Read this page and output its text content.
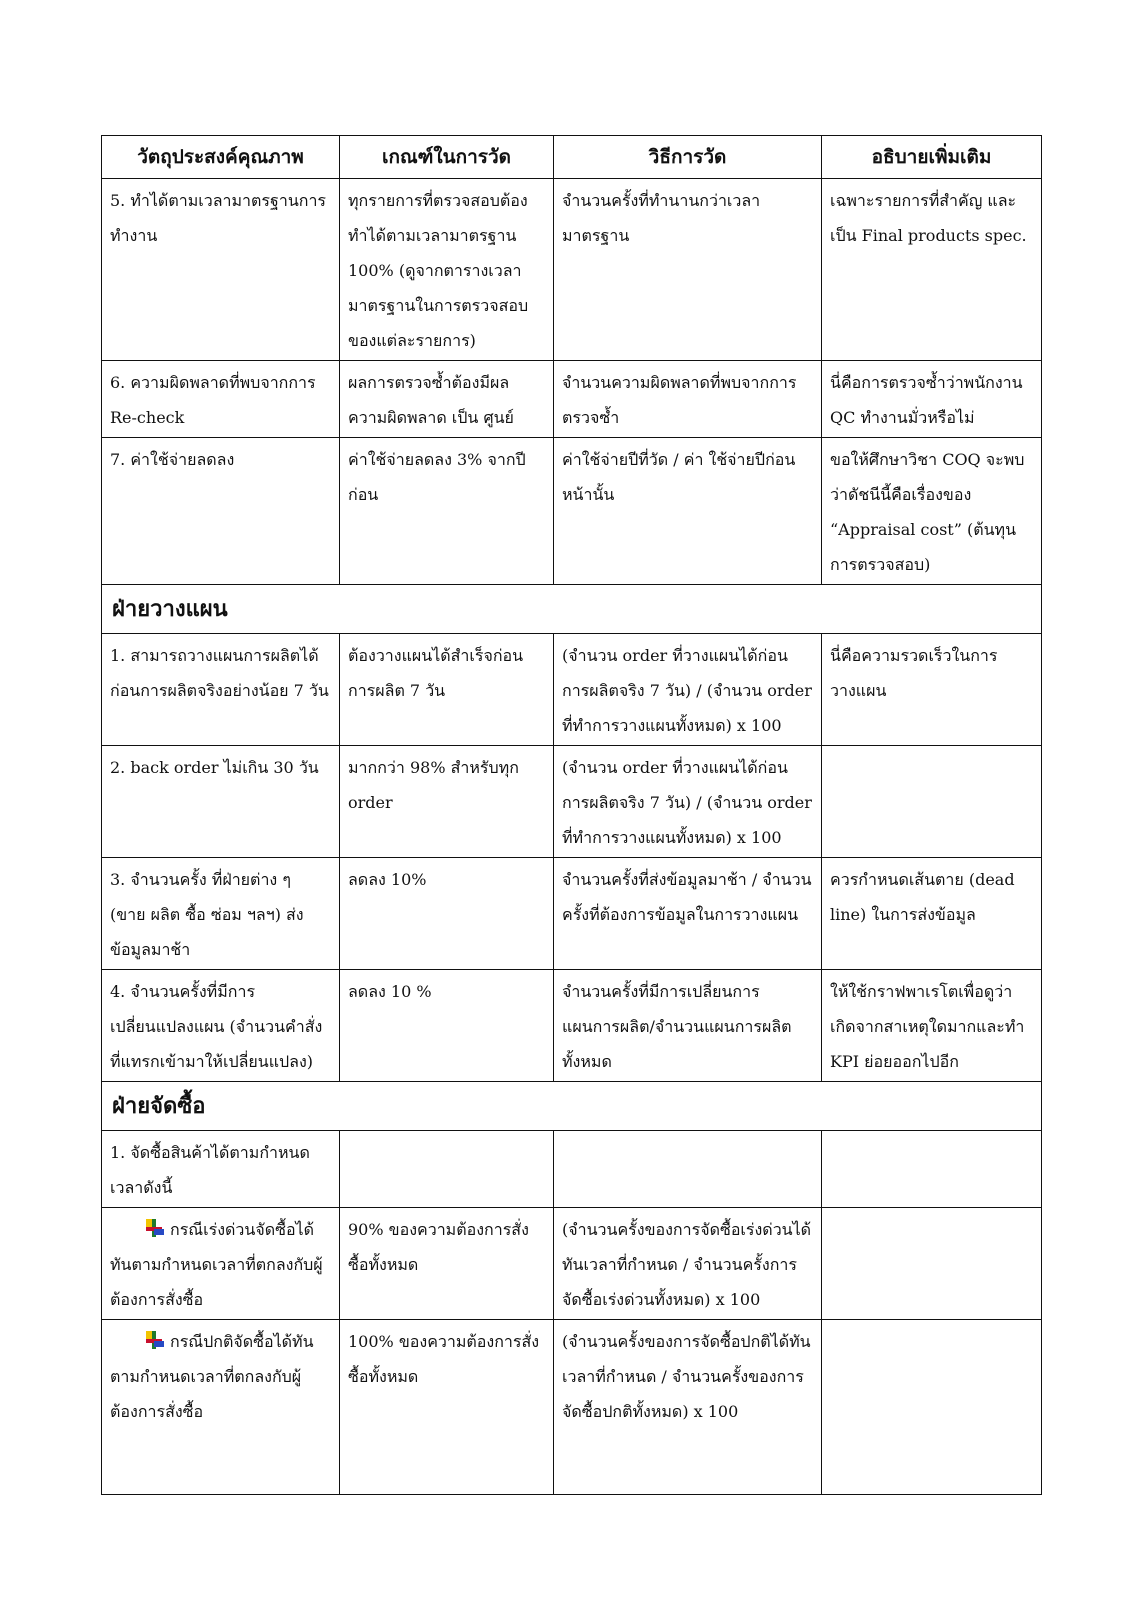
วัตถุประสงค์คุณภาพ	เกณฑ์ในการวัด	วิธีการวัด	อธิบายเพิ่มเติม
5. ทำได้ตามเวลามาตรฐานการทำงาน	ทุกรายการที่ตรวจสอบต้องทำได้ตามเวลามาตรฐาน 100% (ดูจากตารางเวลามาตรฐานในการตรวจสอบของแต่ละรายการ)	จำนวนครั้งที่ทำนานกว่าเวลามาตรฐาน	เฉพาะรายการที่สำคัญ และเป็น Final products spec.
6. ความผิดพลาดที่พบจากการ Re-check	ผลการตรวจซ้ำต้องมีผลความผิดพลาด เป็น ศูนย์	จำนวนความผิดพลาดที่พบจากการตรวจซ้ำ	นี่คือการตรวจซ้ำว่าพนักงาน QC ทำงานมั่วหรือไม่
7. ค่าใช้จ่ายลดลง	ค่าใช้จ่ายลดลง 3% จากปีก่อน	ค่าใช้จ่ายปีที่วัด / ค่า ใช้จ่ายปีก่อนหน้านั้น	ขอให้ศึกษาวิชา COQ จะพบว่าดัชนีนี้คือเรื่องของ “Appraisal cost” (ต้นทุนการตรวจสอบ)
ฝ่ายวางแผน			
1. สามารถวางแผนการผลิตได้ก่อนการผลิตจริงอย่างน้อย 7 วัน	ต้องวางแผนได้สำเร็จก่อนการผลิต 7 วัน	(จำนวน order ที่วางแผนได้ก่อนการผลิตจริง 7 วัน) / (จำนวน order ที่ทำการวางแผนทั้งหมด) x 100	นี่คือความรวดเร็วในการวางแผน
2. back order ไม่เกิน 30 วัน	มากกว่า 98% สำหรับทุก order	(จำนวน order ที่วางแผนได้ก่อนการผลิตจริง 7 วัน) / (จำนวน order ที่ทำการวางแผนทั้งหมด) x 100	
3. จำนวนครั้ง ที่ฝ่ายต่าง ๆ (ขาย ผลิต ซื้อ ซ่อม ฯลฯ) ส่งข้อมูลมาช้า	ลดลง 10%	จำนวนครั้งที่ส่งข้อมูลมาช้า / จำนวนครั้งที่ต้องการข้อมูลในการวางแผน	ควรกำหนดเส้นตาย (dead line) ในการส่งข้อมูล
4. จำนวนครั้งที่มีการเปลี่ยนแปลงแผน (จำนวนคำสั่งที่แทรกเข้ามาให้เปลี่ยนแปลง)	ลดลง 10 %	จำนวนครั้งที่มีการเปลี่ยนการแผนการผลิต/จำนวนแผนการผลิตทั้งหมด	ให้ใช้กราฟพาเรโตเพื่อดูว่าเกิดจากสาเหตุใดมากและทำ KPI ย่อยออกไปอีก
ฝ่ายจัดซื้อ			
1. จัดซื้อสินค้าได้ตามกำหนดเวลาดังนี้			

กรณีเร่งด่วนจัดซื้อได้ทันตามกำหนดเวลาที่ตกลงกับผู้ต้องการสั่งซื้อ	90% ของความต้องการสั่งซื้อทั้งหมด	(จำนวนครั้งของการจัดซื้อเร่งด่วนได้ทันเวลาที่กำหนด / จำนวนครั้งการจัดซื้อเร่งด่วนทั้งหมด) x 100	

กรณีปกติจัดซื้อได้ทันตามกำหนดเวลาที่ตกลงกับผู้ต้องการสั่งซื้อ	100% ของความต้องการสั่งซื้อทั้งหมด	(จำนวนครั้งของการจัดซื้อปกติได้ทันเวลาที่กำหนด / จำนวนครั้งของการจัดซื้อปกติทั้งหมด) x 100	
